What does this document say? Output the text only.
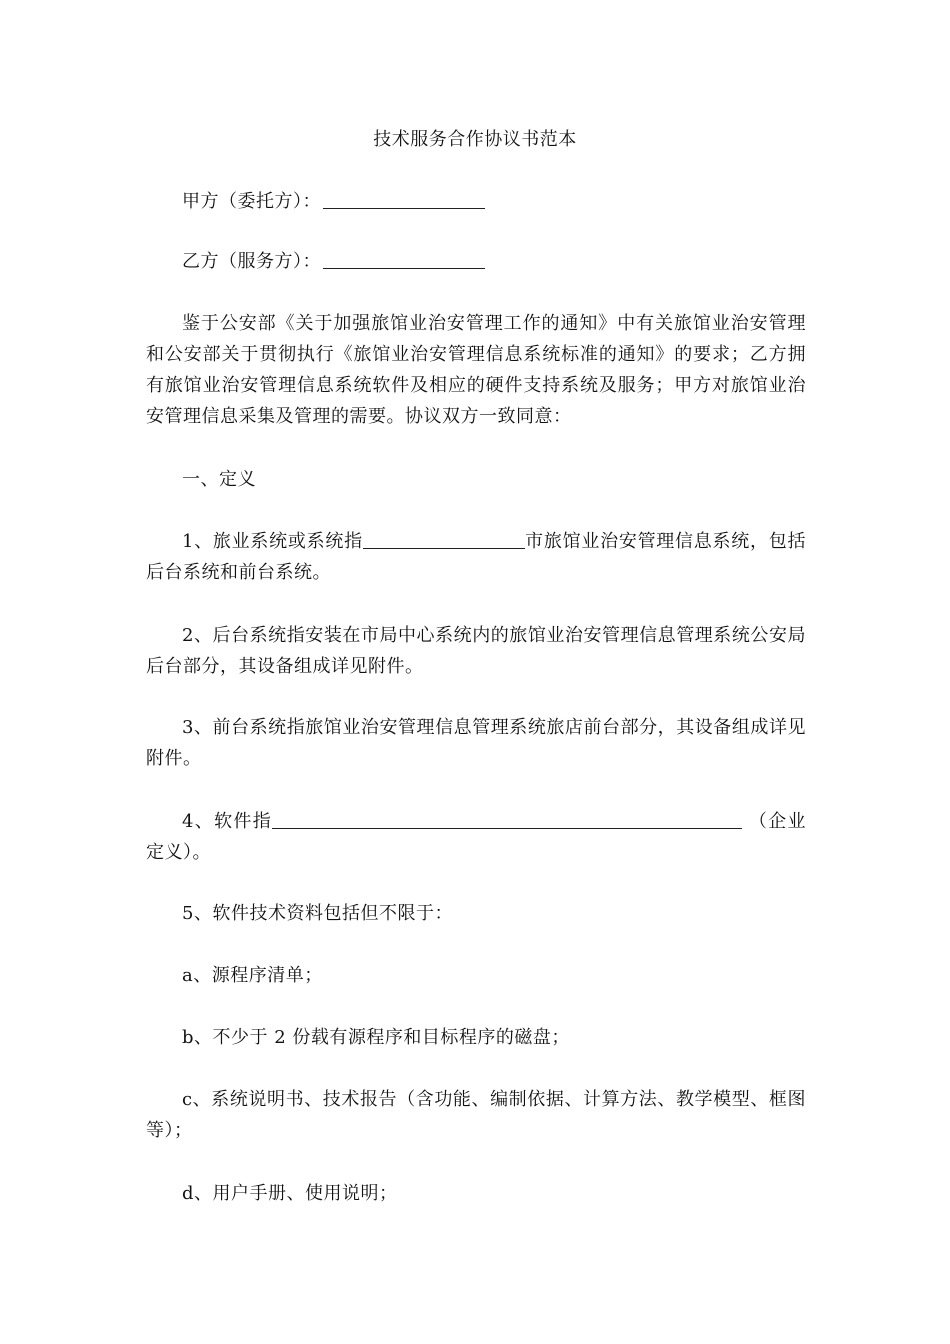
技术服务合作协议书范本

甲方（委托方）：

乙方（服务方）：

鉴于公安部《关于加强旅馆业治安管理工作的通知》中有关旅馆业治安管理和公安部关于贯彻执行《旅馆业治安管理信息系统标准的通知》的要求；乙方拥有旅馆业治安管理信息系统软件及相应的硬件支持系统及服务；甲方对旅馆业治安管理信息采集及管理的需要。协议双方一致同意：

一、定义

1、旅业系统或系统指	市旅馆业治安管理信息系统，包括后台系统和前台系统。

2、后台系统指安装在市局中心系统内的旅馆业治安管理信息管理系统公安局后台部分，其设备组成详见附件。

3、前台系统指旅馆业治安管理信息管理系统旅店前台部分，其设备组成详见附件。

4、软件指	（企业定义）。

5、软件技术资料包括但不限于：

a、源程序清单；

b、不少于 2 份载有源程序和目标程序的磁盘；

c、系统说明书、技术报告（含功能、编制依据、计算方法、教学模型、框图等）；

d、用户手册、使用说明；
